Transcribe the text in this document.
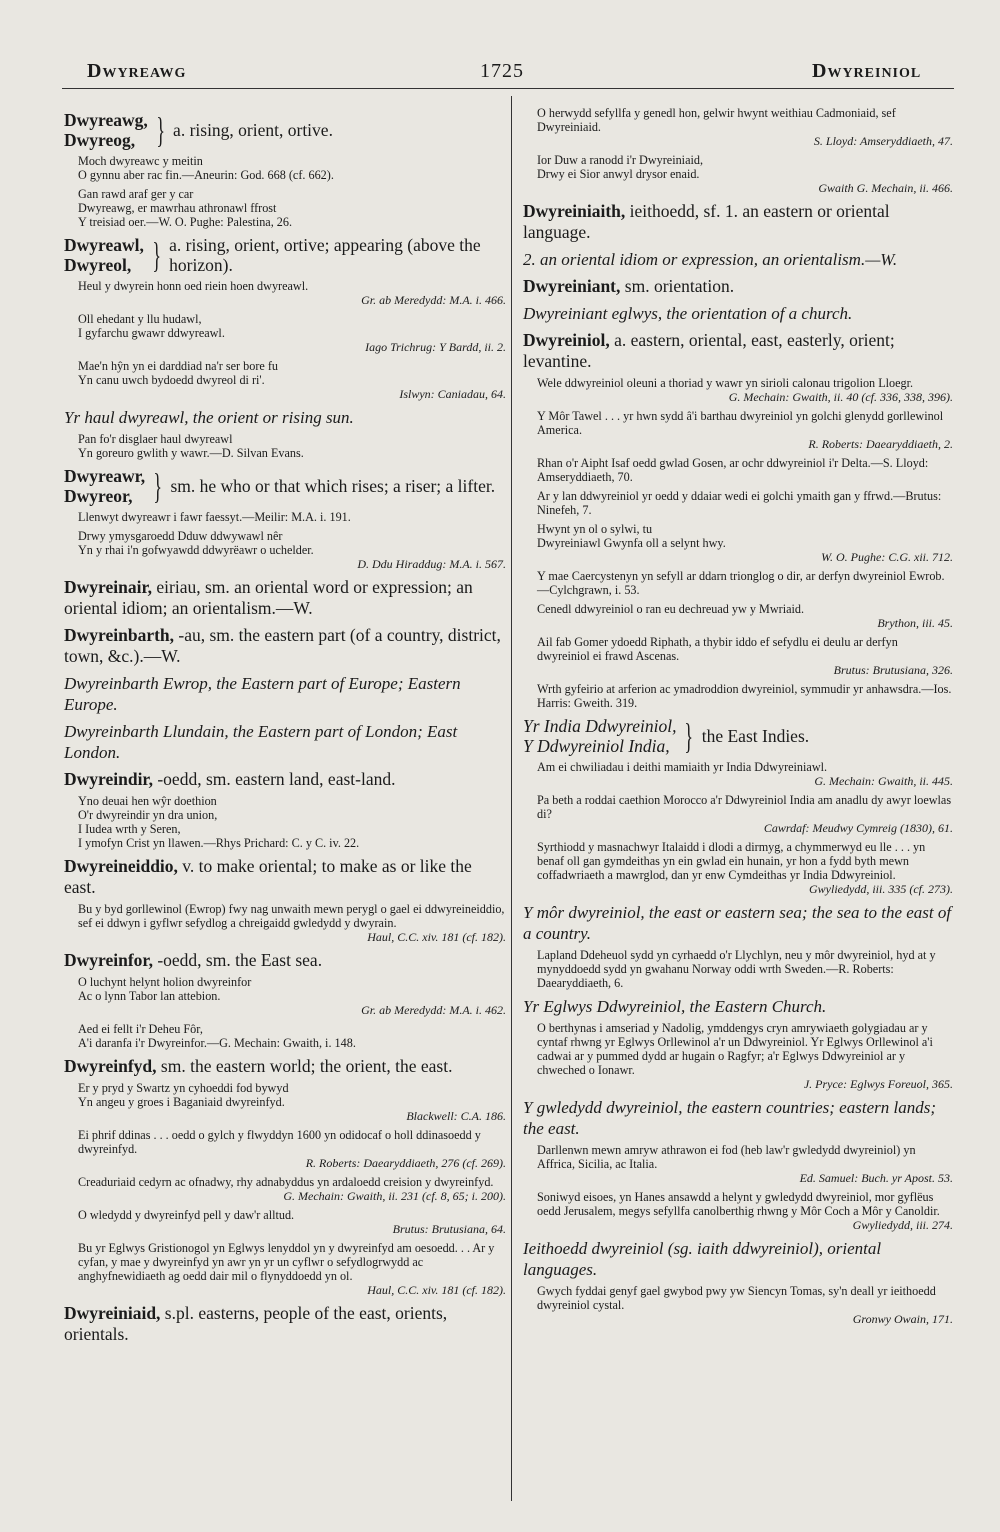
Dwyreawg	1725	Dwyreiniol
Dwyreawg,
Dwyreog, } a. rising, orient, ortive.
Moch dwyreawc y meitin
O gynnu aber rac fin.—Aneurin: God. 668 (cf. 662).
Gan rawd araf ger y car
Dwyreawg, er mawrhau athronawl ffrost
Y treisiad oer.—W. O. Pughe: Palestina, 26.
Dwyreawl,
Dwyreol, } a. rising, orient, ortive; appearing (above the horizon).
Heul y dwyrein honn oed riein hoen dwyreawl.
Gr. ab Meredydd: M.A. i. 466.
Oll ehedant y llu hudawl,
I gyfarchu gwawr ddwyreawl.
Iago Trichrug: Y Bardd, ii. 2.
Mae'n hŷn yn ei darddiad na'r ser bore fu
Yn canu uwch bydoedd dwyreol di ri'.
Islwyn: Caniadau, 64.
Yr haul dwyreawl, the orient or rising sun.
Pan fo'r disglaer haul dwyreawl
Yn goreuro gwlith y wawr.—D. Silvan Evans.
Dwyreawr,
Dwyreor, } sm. he who or that which rises; a riser; a lifter.
Llenwyt dwyreawr i fawr faessyt.—Meilir: M.A. i. 191.
Drwy ymysgaroedd Dduw ddwywawl nêr
Yn y rhai i'n gofwyawdd ddwyrëawr o uchelder.
D. Ddu Hiraddug: M.A. i. 567.
Dwyreinair, eiriau, sm. an oriental word or expression; an oriental idiom; an orientalism.—W.
Dwyreinbarth, -au, sm. the eastern part (of a country, district, town, &c.).—W.
Dwyreinbarth Ewrop, the Eastern part of Europe; Eastern Europe.
Dwyreinbarth Llundain, the Eastern part of London; East London.
Dwyreindir, -oedd, sm. eastern land, east-land.
Yno deuai hen wŷr doethion
O'r dwyreindir yn dra union,
I Iudea wrth y Seren,
I ymofyn Crist yn llawen.—Rhys Prichard: C. y C. iv. 22.
Dwyreineiddio, v. to make oriental; to make as or like the east.
Bu y byd gorllewinol (Ewrop) fwy nag unwaith mewn perygl o gael ei ddwyreineiddio, sef ei ddwyn i gyflwr sefydlog a chreigaidd gwledydd y dwyrain.
Haul, C.C. xiv. 181 (cf. 182).
Dwyreinfor, -oedd, sm. the East sea.
O luchynt helynt holion dwyreinfor
Ac o lynn Tabor lan attebion.
Gr. ab Meredydd: M.A. i. 462.
Aed ei fellt i'r Deheu Fôr,
A'i daranfa i'r Dwyreinfor.—G. Mechain: Gwaith, i. 148.
Dwyreinfyd, sm. the eastern world; the orient, the east.
Er y pryd y Swartz yn cyhoeddi fod bywyd
Yn angeu y groes i Baganiaid dwyreinfyd.
Blackwell: C.A. 186.
Ei phrif ddinas . . . oedd o gylch y flwyddyn 1600 yn odidocaf o holl ddinasoedd y dwyreinfyd.
R. Roberts: Daearyddiaeth, 276 (cf. 269).
Creaduriaid cedyrn ac ofnadwy, rhy adnabyddus yn ardaloedd creision y dwyreinfyd.
G. Mechain: Gwaith, ii. 231 (cf. 8, 65; i. 200).
O wledydd y dwyreinfyd pell y daw'r alltud.
Brutus: Brutusiana, 64.
Bu yr Eglwys Gristionogol yn Eglwys lenyddol yn y dwyreinfyd am oesoedd. . . Ar y cyfan, y mae y dwyreinfyd yn awr yn yr un cyflwr o sefydlogrwydd ac anghyfnewidiaeth ag oedd dair mil o flynyddoedd yn ol.
Haul, C.C. xiv. 181 (cf. 182).
Dwyreiniaid, s.pl. easterns, people of the east, orients, orientals.
O herwydd sefyllfa y genedl hon, gelwir hwynt weithiau Cadmoniaid, sef Dwyreiniaid.
S. Lloyd: Amseryddiaeth, 47.
Ior Duw a ranodd i'r Dwyreiniaid,
Drwy ei Sior anwyl drysor enaid.
Gwaith G. Mechain, ii. 466.
Dwyreiniaith, ieithoedd, sf. 1. an eastern or oriental language.
2. an oriental idiom or expression, an orientalism.—W.
Dwyreiniant, sm. orientation.
Dwyreiniant eglwys, the orientation of a church.
Dwyreiniol, a. eastern, oriental, east, easterly, orient; levantine.
Wele ddwyreiniol oleuni a thoriad y wawr yn sirioli calonau trigolion Lloegr.
G. Mechain: Gwaith, ii. 40 (cf. 336, 338, 396).
Y Môr Tawel . . . yr hwn sydd â'i barthau dwyreiniol yn golchi glenydd gorllewinol America.
R. Roberts: Daearyddiaeth, 2.
Rhan o'r Aipht Isaf oedd gwlad Gosen, ar ochr ddwyreiniol i'r Delta.—S. Lloyd: Amseryddiaeth, 70.
Ar y lan ddwyreiniol yr oedd y ddaiar wedi ei golchi ymaith gan y ffrwd.—Brutus: Ninefeh, 7.
Hwynt yn ol o sylwi, tu
Dwyreiniawl Gwynfa oll a selynt hwy.
W. O. Pughe: C.G. xii. 712.
Y mae Caercystenyn yn sefyll ar ddarn trionglog o dir, ar derfyn dwyreiniol Ewrob.—Cylchgrawn, i. 53.
Cenedl ddwyreiniol o ran eu dechreuad yw y Mwriaid.
Brython, iii. 45.
Ail fab Gomer ydoedd Riphath, a thybir iddo ef sefydlu ei deulu ar derfyn dwyreiniol ei frawd Ascenas.
Brutus: Brutusiana, 326.
Wrth gyfeirio at arferion ac ymadroddion dwyreiniol, symmudir yr anhawsdra.—Ios. Harris: Gweith. 319.
Yr India Ddwyreiniol,
Y Ddwyreiniol India, } the East Indies.
Am ei chwiliadau i deithi mamiaith yr India Ddwyreiniawl.
G. Mechain: Gwaith, ii. 445.
Pa beth a roddai caethion Morocco a'r Ddwyreiniol India am anadlu dy awyr loewlas di?
Cawrdaf: Meudwy Cymreig (1830), 61.
Syrthiodd y masnachwyr Italaidd i dlodi a dirmyg, a chymmerwyd eu lle . . . yn benaf oll gan gymdeithas yn ein gwlad ein hunain, yr hon a fydd byth mewn coffadwriaeth a mawrglod, dan yr enw Cymdeithas yr India Ddwyreiniol.
Gwyliedydd, iii. 335 (cf. 273).
Y môr dwyreiniol, the east or eastern sea; the sea to the east of a country.
Lapland Ddeheuol sydd yn cyrhaedd o'r Llychlyn, neu y môr dwyreiniol, hyd at y mynyddoedd sydd yn gwahanu Norway oddi wrth Sweden.—R. Roberts: Daearyddiaeth, 6.
Yr Eglwys Ddwyreiniol, the Eastern Church.
O berthynas i amseriad y Nadolig, ymddengys cryn amrywiaeth golygiadau ar y cyntaf rhwng yr Eglwys Orllewinol a'r un Ddwyreiniol. Yr Eglwys Orllewinol a'i cadwai ar y pummed dydd ar hugain o Ragfyr; a'r Eglwys Ddwyreiniol ar y chweched o Ionawr.
J. Pryce: Eglwys Foreuol, 365.
Y gwledydd dwyreiniol, the eastern countries; eastern lands; the east.
Darllenwn mewn amryw athrawon ei fod (heb law'r gwledydd dwyreiniol) yn Affrica, Sicilia, ac Italia.
Ed. Samuel: Buch. yr Apost. 53.
Soniwyd eisoes, yn Hanes ansawdd a helynt y gwledydd dwyreiniol, mor gyflëus oedd Jerusalem, megys sefyllfa canolberthig rhwng y Môr Coch a Môr y Canoldir.
Gwyliedydd, iii. 274.
Ieithoedd dwyreiniol (sg. iaith ddwyreiniol), oriental languages.
Gwych fyddai genyf gael gwybod pwy yw Siencyn Tomas, sy'n deall yr ieithoedd dwyreiniol cystal.
Gronwy Owain, 171.
